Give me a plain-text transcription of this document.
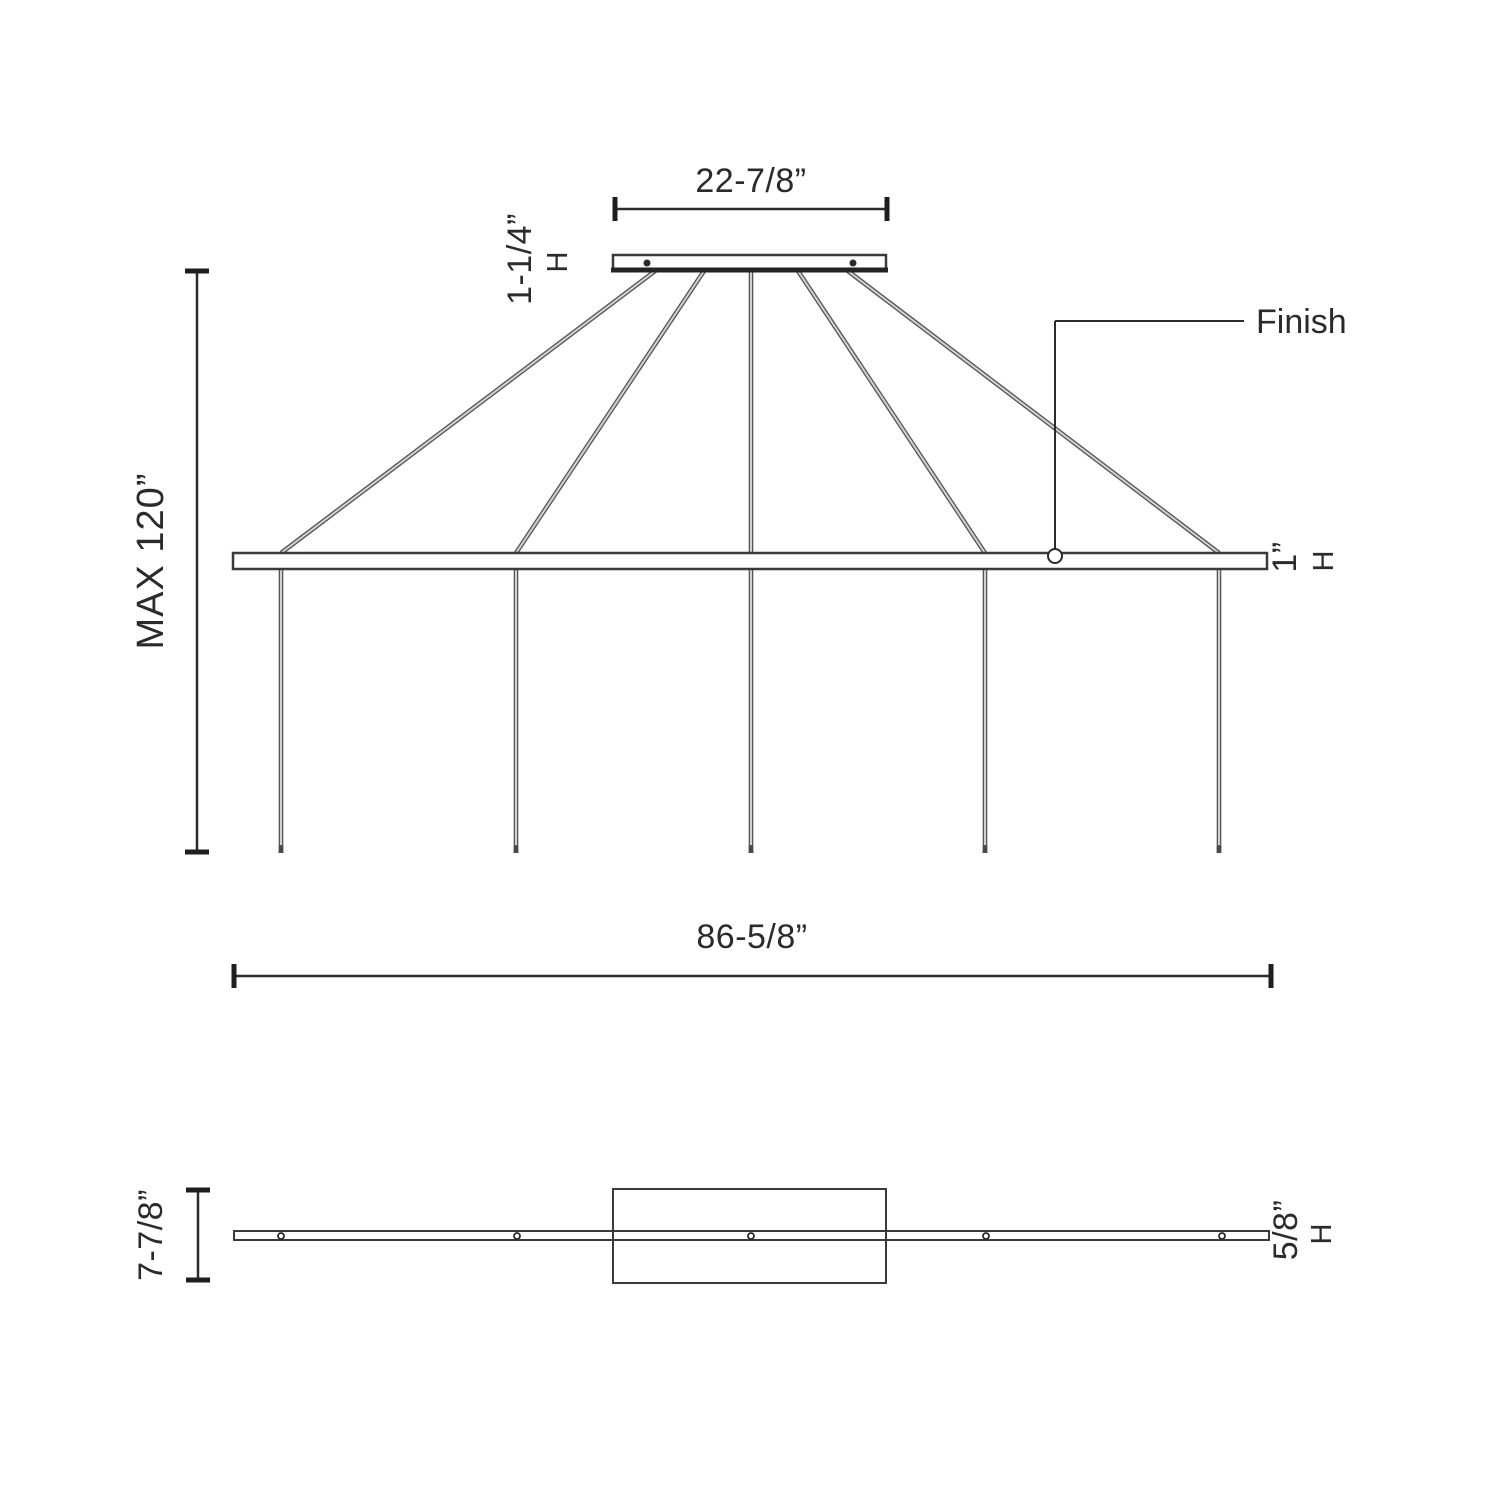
22-7/8”
1-1/4” H
MAX 120”
Finish
1” H
86-5/8”
7-7/8”	5/8” H
